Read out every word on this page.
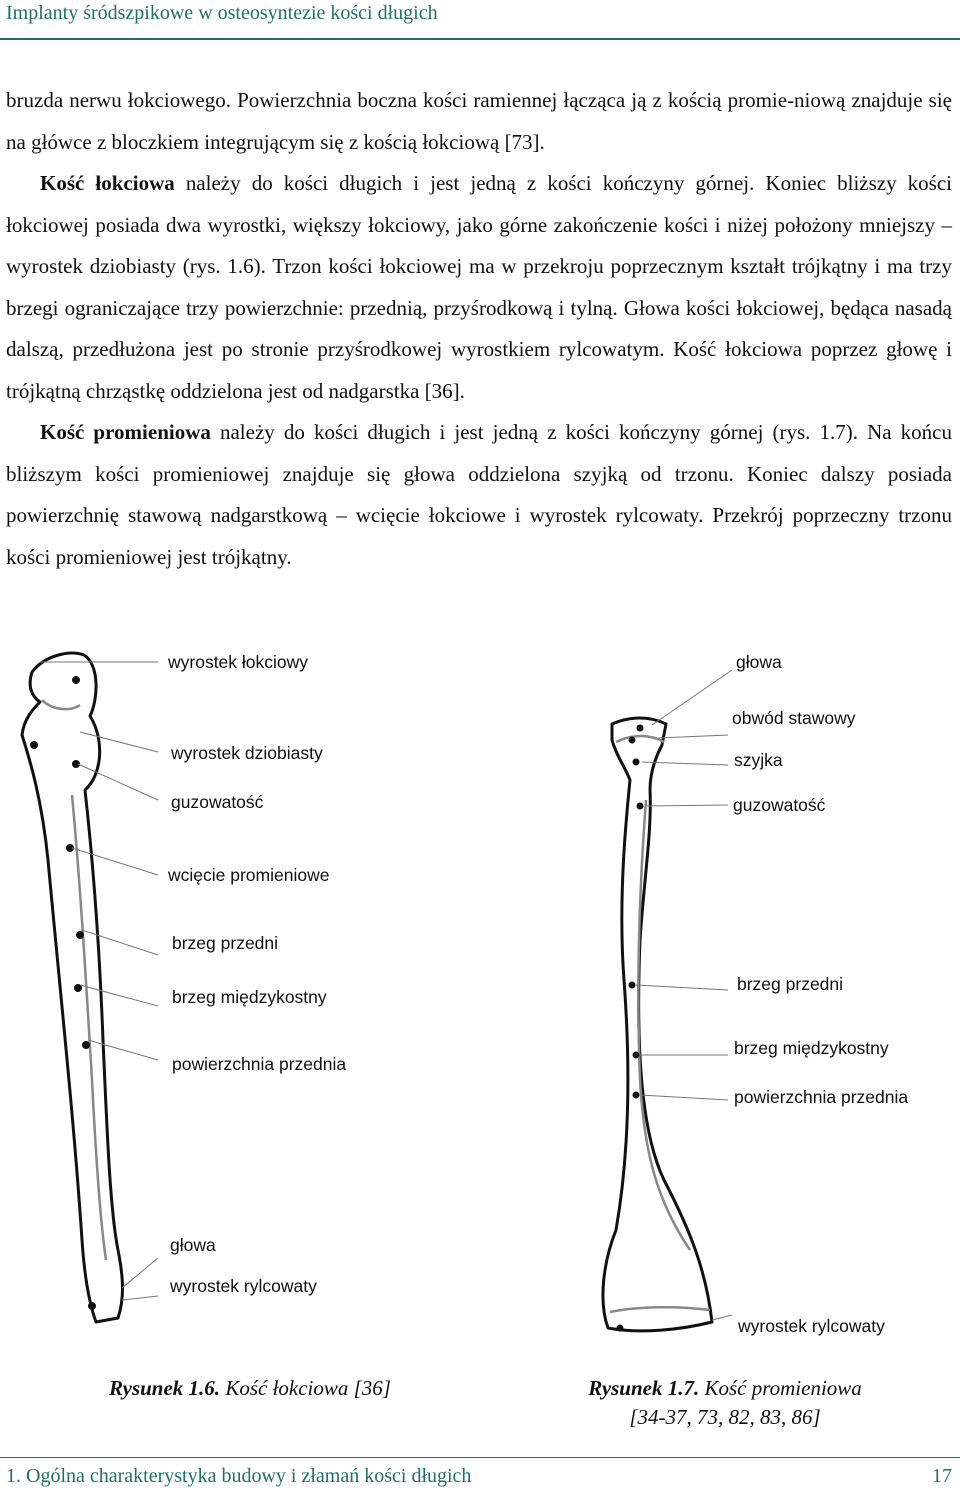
Implanty śródszpikowe w osteosyntezie kości długich

bruzda nerwu łokciowego. Powierzchnia boczna kości ramiennej łącząca ją z kością promie-niową znajduje się na główce z bloczkiem integrującym się z kością łokciową [73].

Kość łokciowa należy do kości długich i jest jedną z kości kończyny górnej. Koniec bliższy kości łokciowej posiada dwa wyrostki, większy łokciowy, jako górne zakończenie kości i niżej położony mniejszy – wyrostek dziobiasty (rys. 1.6). Trzon kości łokciowej ma w przekroju poprzecznym kształt trójkątny i ma trzy brzegi ograniczające trzy powierzchnie: przednią, przyśrodkową i tylną. Głowa kości łokciowej, będąca nasadą dalszą, przedłużona jest po stronie przyśrodkowej wyrostkiem rylcowatym. Kość łokciowa poprzez głowę i trójkątną chrząstkę oddzielona jest od nadgarstka [36].

Kość promieniowa należy do kości długich i jest jedną z kości kończyny górnej (rys. 1.7). Na końcu bliższym kości promieniowej znajduje się głowa oddzielona szyjką od trzonu. Koniec dalszy posiada powierzchnię stawową nadgarstkową – wcięcie łokciowe i wyrostek rylcowaty. Przekrój poprzeczny trzonu kości promieniowej jest trójkątny.

wyrostek łokciowy
wyrostek dziobiasty
guzowatość
wcięcie promieniowe
brzeg przedni
brzeg międzykostny
powierzchnia przednia
głowa
wyrostek rylcowaty
głowa
obwód stawowy
szyjka
guzowatość
brzeg przedni
brzeg międzykostny
powierzchnia przednia
wyrostek rylcowaty
Rysunek 1.6. Kość łokciowa [36]	Rysunek 1.7. Kość promieniowa
[34-37, 73, 82, 83, 86]
1. Ogólna charakterystyka budowy i złamań kości długich	17
